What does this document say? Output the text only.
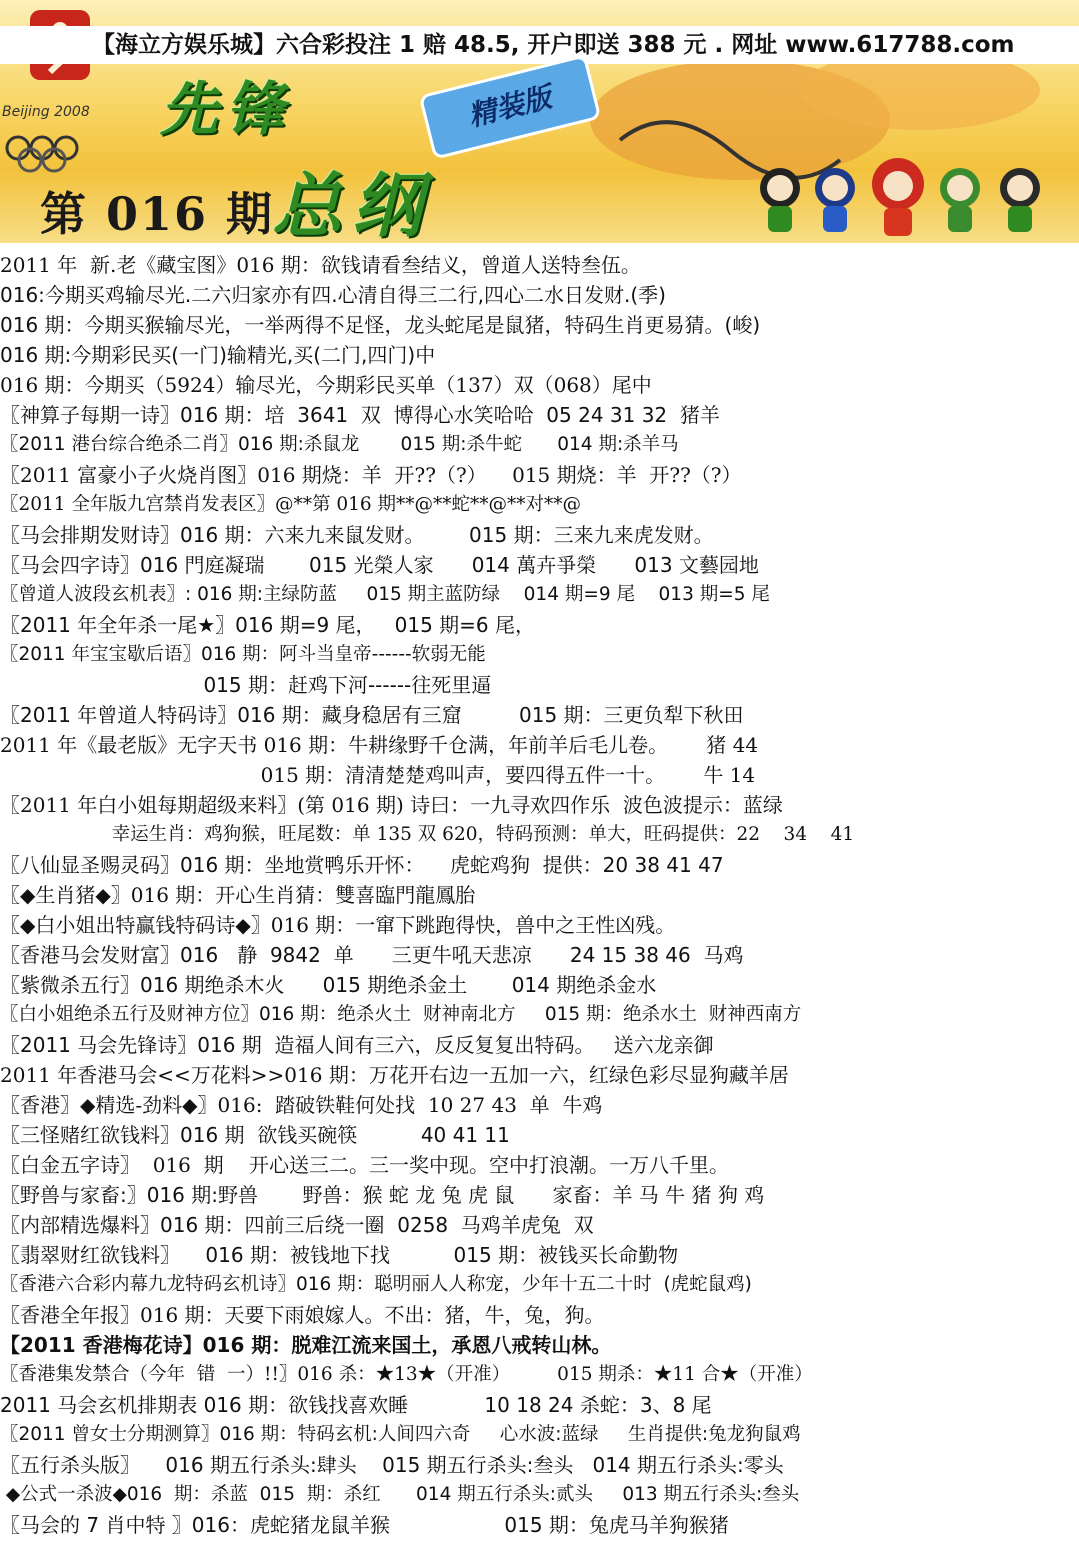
Beijing 2008
【海立方娱乐城】六合彩投注 1 赔 48.5, 开户即送 388 元 . 网址 www.617788.com
先锋	精装版
总纲
第 016 期
2011 年  新.老《藏宝图》016 期：欲钱请看叁结义，曾道人送特叁伍。
016:今期买鸡输尽光.二六归家亦有四.心清自得三二行,四心二水日发财.(季)
016 期：今期买猴输尽光，一举两得不足怪，龙头蛇尾是鼠猪，特码生肖更易猜。(峻)
016 期:今期彩民买(一门)输精光,买(二门,四门)中
016 期：今期买（5924）输尽光，今期彩民买单（137）双（068）尾中
〖神算子每期一诗〗016 期：培  3641  双  博得心水笑哈哈  05 24 31 32  猪羊
〖2011 港台综合绝杀二肖〗016 期:杀鼠龙       015 期:杀牛蛇      014 期:杀羊马
〖2011 富豪小子火烧肖图〗016 期烧：羊  开??（?）    015 期烧：羊  开??（?）
〖2011 全年版九宫禁肖发表区〗@**第 016 期**@**蛇**@**对**@
〖马会排期发财诗〗016 期：六来九来鼠发财。       015 期：三来九来虎发财。
〖马会四字诗〗016 門庭凝瑞       015 光榮人家      014 萬卉爭榮      013 文藝园地
〖曾道人波段玄机表〗: 016 期:主绿防蓝     015 期主蓝防绿    014 期=9 尾    013 期=5 尾
〖2011 年全年杀一尾★〗016 期=9 尾，   015 期=6 尾，
〖2011 年宝宝歇后语〗016 期：阿斗当皇帝------软弱无能
015 期：赶鸡下河------往死里逼
〖2011 年曾道人特码诗〗016 期：藏身稳居有三窟         015 期：三更负犁下秋田
2011 年《最老版》无字天书 016 期：牛耕缘野千仓满，年前羊后毛儿卷。      猪 44
015 期：清清楚楚鸡叫声，要四得五件一十。      牛 14
〖2011 年白小姐每期超级来料〗(第 016 期) 诗曰：一九寻欢四作乐  波色波提示：蓝绿
幸运生肖：鸡狗猴，旺尾数：单 135 双 620，特码预测：单大，旺码提供：22    34    41
〖八仙显圣赐灵码〗016 期：坐地赏鸭乐开怀：    虎蛇鸡狗  提供：20 38 41 47
〖◆生肖猪◆〗016 期：开心生肖猜：雙喜臨門龍鳳胎
〖◆白小姐出特赢钱特码诗◆〗016 期：一窜下跳跑得快，兽中之王性凶残。
〖香港马会发财富〗016   静  9842  单      三更牛吼天悲凉      24 15 38 46  马鸡
〖紫微杀五行〗016 期绝杀木火      015 期绝杀金土       014 期绝杀金水
〖白小姐绝杀五行及财神方位〗016 期：绝杀火土  财神南北方     015 期：绝杀水土  财神西南方
〖2011 马会先锋诗〗016 期  造福人间有三六，反反复复出特码。   送六龙亲御
2011 年香港马会<<万花料>>016 期：万花开右边一五加一六，红绿色彩尽显狗藏羊居
〖香港〗◆精选-劲料◆〗016:  踏破铁鞋何处找  10 27 43  单  牛鸡
〖三怪赌红欲钱料〗016 期  欲钱买碗筷          40 41 11
〖白金五字诗〗  016  期    开心送三二。三一奖中现。空中打浪潮。一万八千里。
〖野兽与家畜:〗016 期:野兽       野兽：猴 蛇 龙 兔 虎 鼠      家畜：羊 马 牛 猪 狗 鸡
〖内部精选爆料〗016 期：四前三后绕一圈  0258  马鸡羊虎兔  双
〖翡翠财红欲钱料〗    016 期：被钱地下找          015 期：被钱买长命勤物
〖香港六合彩内幕九龙特码玄机诗〗016 期：聪明丽人人称宠，少年十五二十时  (虎蛇鼠鸡)
〖香港全年报〗016 期：天要下雨娘嫁人。不出：猪，牛，兔，狗。
【2011 香港梅花诗】016 期：脱难江流来国土，承恩八戒转山林。
〖香港集发禁合（今年  错  一）!!〗016 杀：★13★（开准）        015 期杀：★11 合★（开准）
2011 马会玄机排期表 016 期：欲钱找喜欢睡            10 18 24 杀蛇：3、8 尾
〖2011 曾女士分期测算〗016 期：特码玄机:人间四六奇     心水波:蓝绿     生肖提供:兔龙狗鼠鸡
〖五行杀头版〗    016 期五行杀头:肆头    015 期五行杀头:叁头   014 期五行杀头:零头
◆公式一杀波◆016  期：杀蓝  015  期：杀红      014 期五行杀头:贰头     013 期五行杀头:叁头
〖马会的 7 肖中特 〗016：虎蛇猪龙鼠羊猴                  015 期：兔虎马羊狗猴猪
